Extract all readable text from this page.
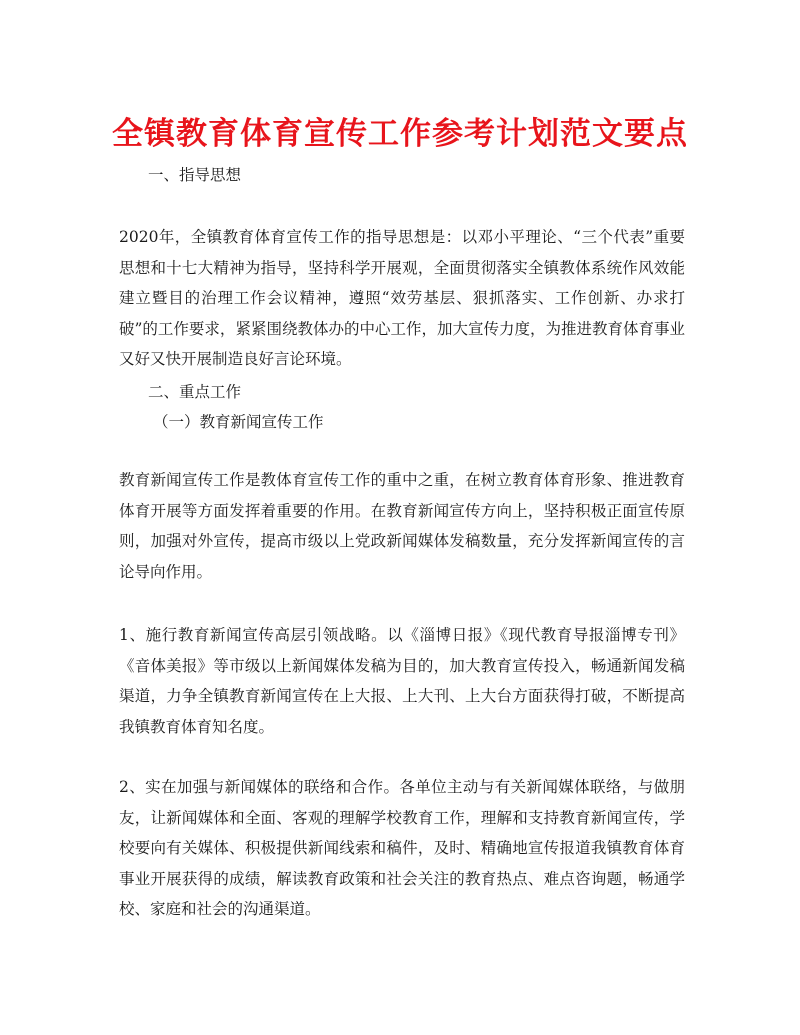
全镇教育体育宣传工作参考计划范文要点

一、指导思想

2020年，全镇教育体育宣传工作的指导思想是：以邓小平理论、“三个代表”重要思想和十七大精神为指导，坚持科学开展观，全面贯彻落实全镇教体系统作风效能建立暨目的治理工作会议精神，遵照“效劳基层、狠抓落实、工作创新、办求打破”的工作要求，紧紧围绕教体办的中心工作，加大宣传力度，为推进教育体育事业又好又快开展制造良好言论环境。

二、重点工作

（一）教育新闻宣传工作

教育新闻宣传工作是教体育宣传工作的重中之重，在树立教育体育形象、推进教育体育开展等方面发挥着重要的作用。在教育新闻宣传方向上，坚持积极正面宣传原则，加强对外宣传，提高市级以上党政新闻媒体发稿数量，充分发挥新闻宣传的言论导向作用。

1、施行教育新闻宣传高层引领战略。以《淄博日报》《现代教育导报淄博专刊》《音体美报》等市级以上新闻媒体发稿为目的，加大教育宣传投入，畅通新闻发稿渠道，力争全镇教育新闻宣传在上大报、上大刊、上大台方面获得打破，不断提高我镇教育体育知名度。

2、实在加强与新闻媒体的联络和合作。各单位主动与有关新闻媒体联络，与做朋友，让新闻媒体和全面、客观的理解学校教育工作，理解和支持教育新闻宣传，学校要向有关媒体、积极提供新闻线索和稿件，及时、精确地宣传报道我镇教育体育事业开展获得的成绩，解读教育政策和社会关注的教育热点、难点咨询题，畅通学校、家庭和社会的沟通渠道。
